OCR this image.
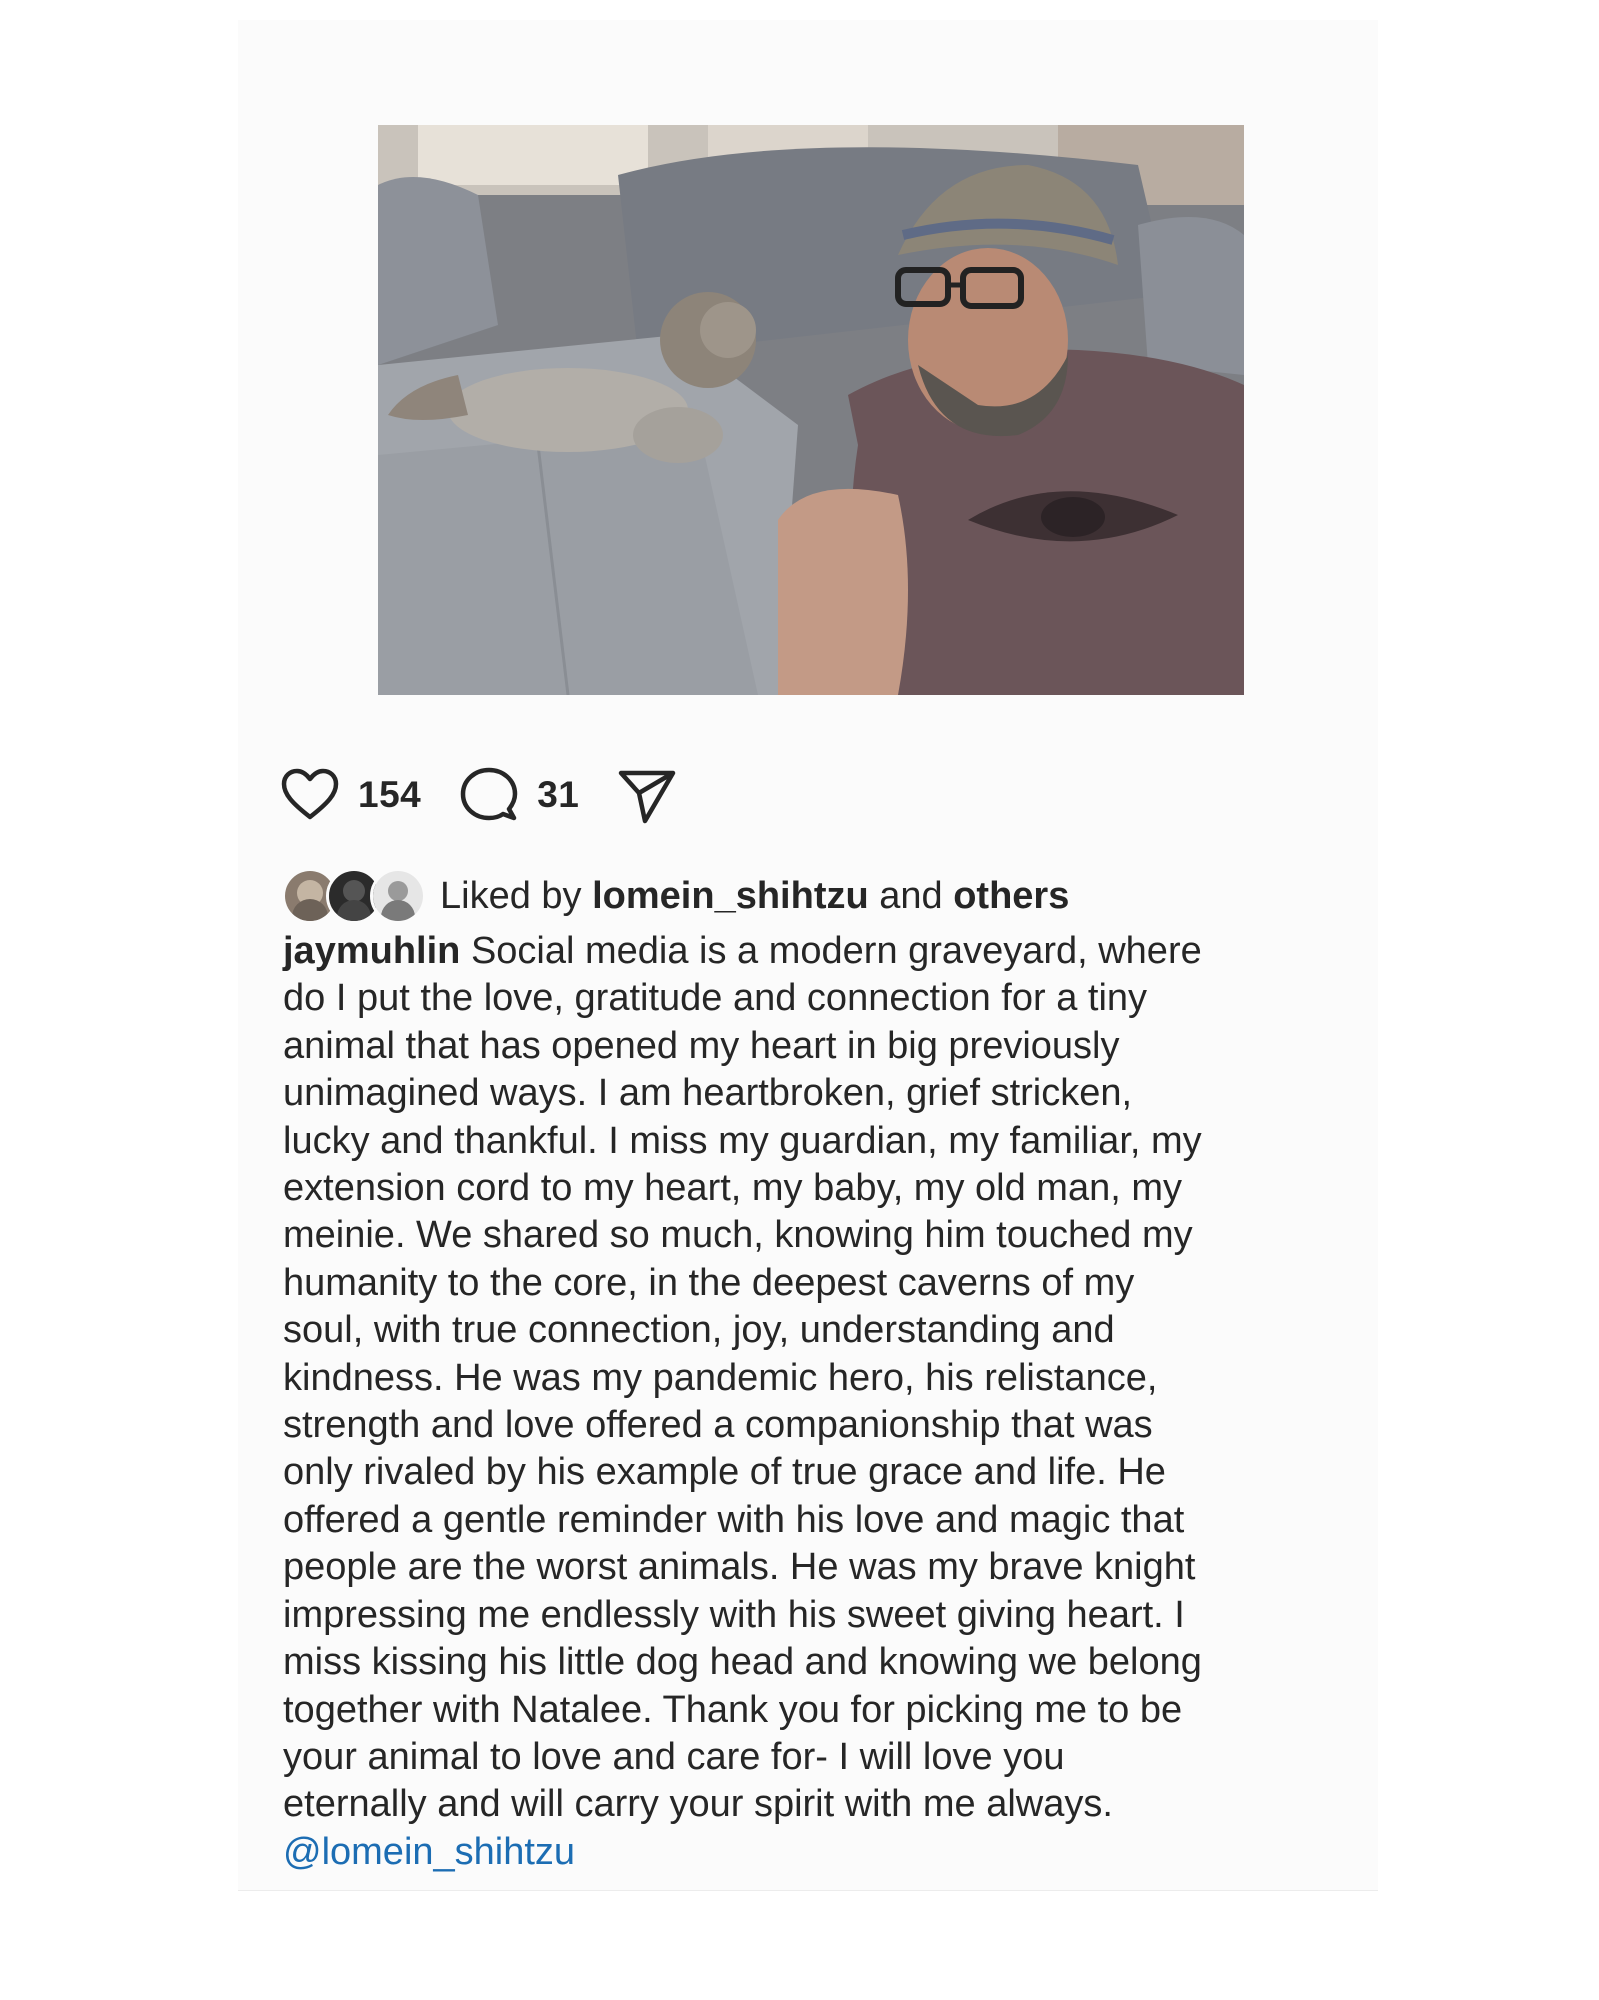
154	31
Liked by
lomein_shihtzu
and
others
jaymuhlin Social media is a modern graveyard, where
do I put the love, gratitude and connection for a tiny
animal that has opened my heart in big previously
unimagined ways. I am heartbroken, grief stricken,
lucky and thankful. I miss my guardian, my familiar, my
extension cord to my heart, my baby, my old man, my
meinie. We shared so much, knowing him touched my
humanity to the core, in the deepest caverns of my
soul, with true connection, joy, understanding and
kindness. He was my pandemic hero, his relistance,
strength and love offered a companionship that was
only rivaled by his example of true grace and life. He
offered a gentle reminder with his love and magic that
people are the worst animals. He was my brave knight
impressing me endlessly with his sweet giving heart. I
miss kissing his little dog head and knowing we belong
together with Natalee. Thank you for picking me to be
your animal to love and care for- I will love you
eternally and will carry your spirit with me always.
@lomein_shihtzu
